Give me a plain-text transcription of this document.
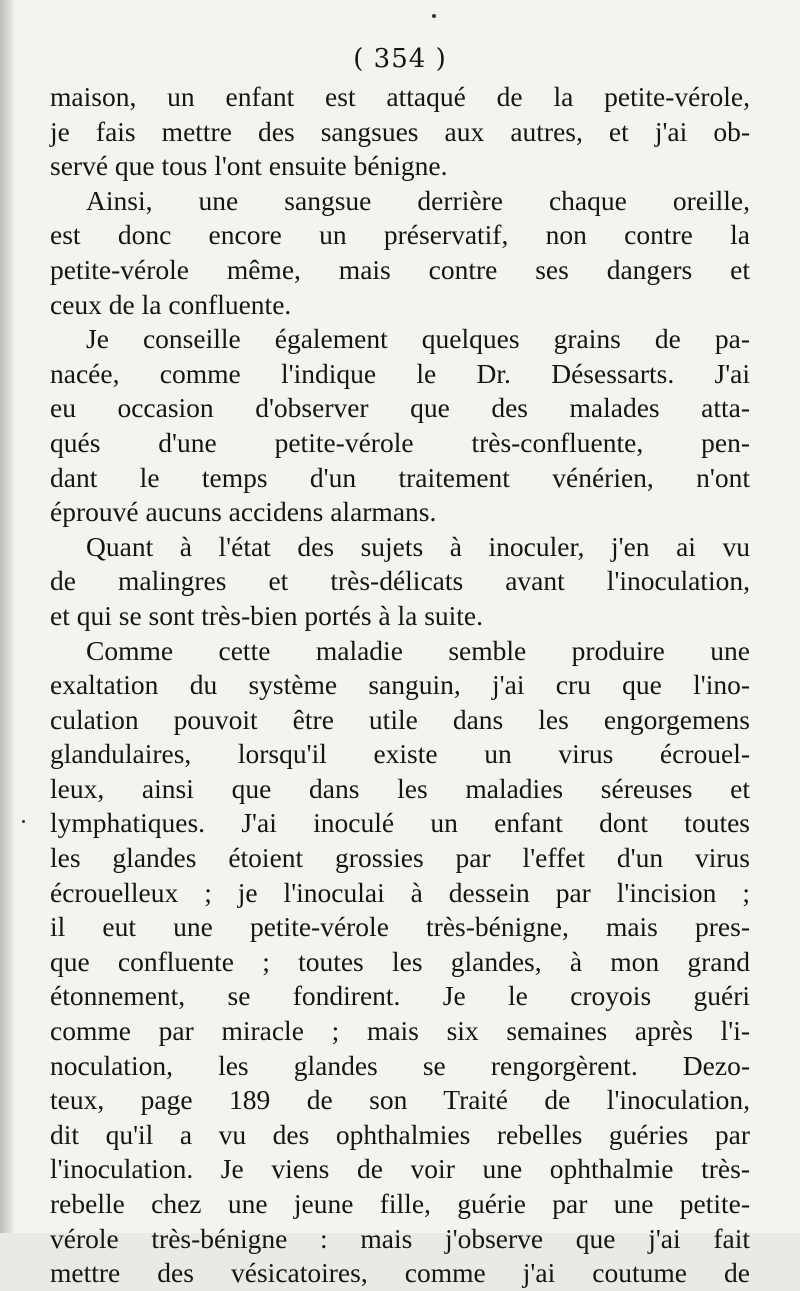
( 354 )
maison, un enfant est attaqué de la petite-vérole,
je fais mettre des sangsues aux autres, et j'ai ob-
servé que tous l'ont ensuite bénigne.
Ainsi, une sangsue derrière chaque oreille,
est donc encore un préservatif, non contre la
petite-vérole même, mais contre ses dangers et
ceux de la confluente.
Je conseille également quelques grains de pa-
nacée, comme l'indique le Dr. Désessarts. J'ai
eu occasion d'observer que des malades atta-
qués d'une petite-vérole très-confluente, pen-
dant le temps d'un traitement vénérien, n'ont
éprouvé aucuns accidens alarmans.
Quant à l'état des sujets à inoculer, j'en ai vu
de malingres et très-délicats avant l'inoculation,
et qui se sont très-bien portés à la suite.
Comme cette maladie semble produire une
exaltation du système sanguin, j'ai cru que l'ino-
culation pouvoit être utile dans les engorgemens
glandulaires, lorsqu'il existe un virus écrouel-
leux, ainsi que dans les maladies séreuses et
lymphatiques. J'ai inoculé un enfant dont toutes
les glandes étoient grossies par l'effet d'un virus
écrouelleux ; je l'inoculai à dessein par l'incision ;
il eut une petite-vérole très-bénigne, mais pres-
que confluente ; toutes les glandes, à mon grand
étonnement, se fondirent. Je le croyois guéri
comme par miracle ; mais six semaines après l'i-
noculation, les glandes se rengorgèrent. Dezo-
teux, page 189 de son Traité de l'inoculation,
dit qu'il a vu des ophthalmies rebelles guéries par
l'inoculation. Je viens de voir une ophthalmie très-
rebelle chez une jeune fille, guérie par une petite-
vérole très-bénigne : mais j'observe que j'ai fait
mettre des vésicatoires, comme j'ai coutume de
